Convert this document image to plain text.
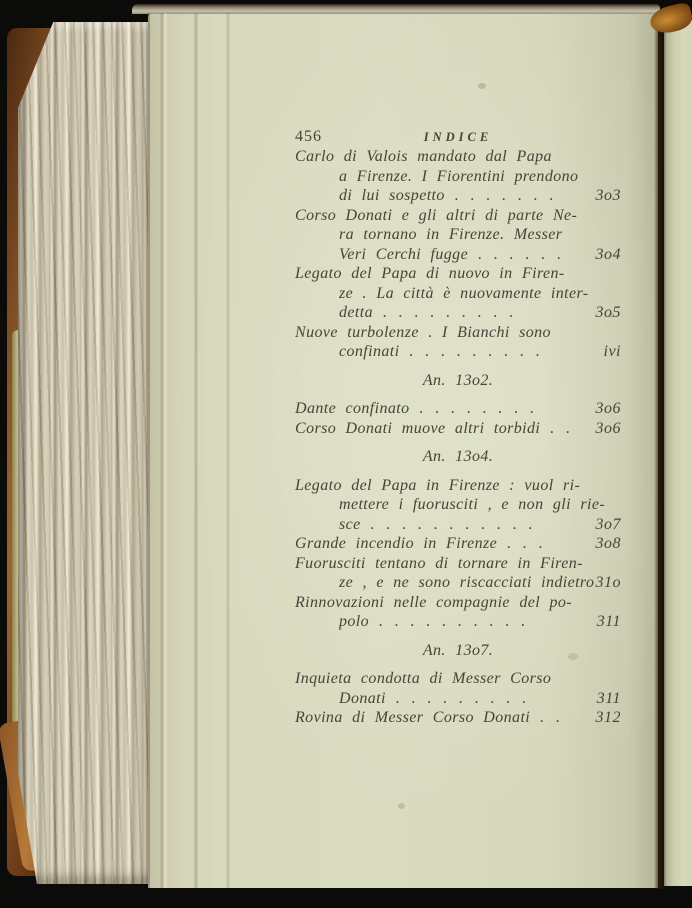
456	INDICE
Carlo di Valois mandato dal Papa
a Firenze. I Fiorentini prendono
di lui sospetto . . . . . . .	3o3
Corso Donati e gli altri di parte Ne-
ra tornano in Firenze. Messer
Veri Cerchi fugge . . . . . . 3o4
Legato del Papa di nuovo in Firen-
ze . La città è nuovamente inter-
detta . . . . . . . . .	3o5
Nuove turbolenze . I Bianchi sono
confinati . . . . . . . . .	ivi
An. 13o2.
Dante confinato . . . . . . . .	3o6
Corso Donati muove altri torbidi . . 3o6
An. 13o4.
Legato del Papa in Firenze : vuol ri-
mettere i fuorusciti , e non gli rie-
sce . . . . . . . . . . .	3o7
Grande incendio in Firenze . . .	3o8
Fuorusciti tentano di tornare in Firen-
ze , e ne sono riscacciati indietro 31o
Rinnovazioni nelle compagnie del po-
polo . . . . . . . . . .	311
An. 13o7.
Inquieta condotta di Messer Corso
Donati . . . . . . . . .	311
Rovina di Messer Corso Donati . . 312
